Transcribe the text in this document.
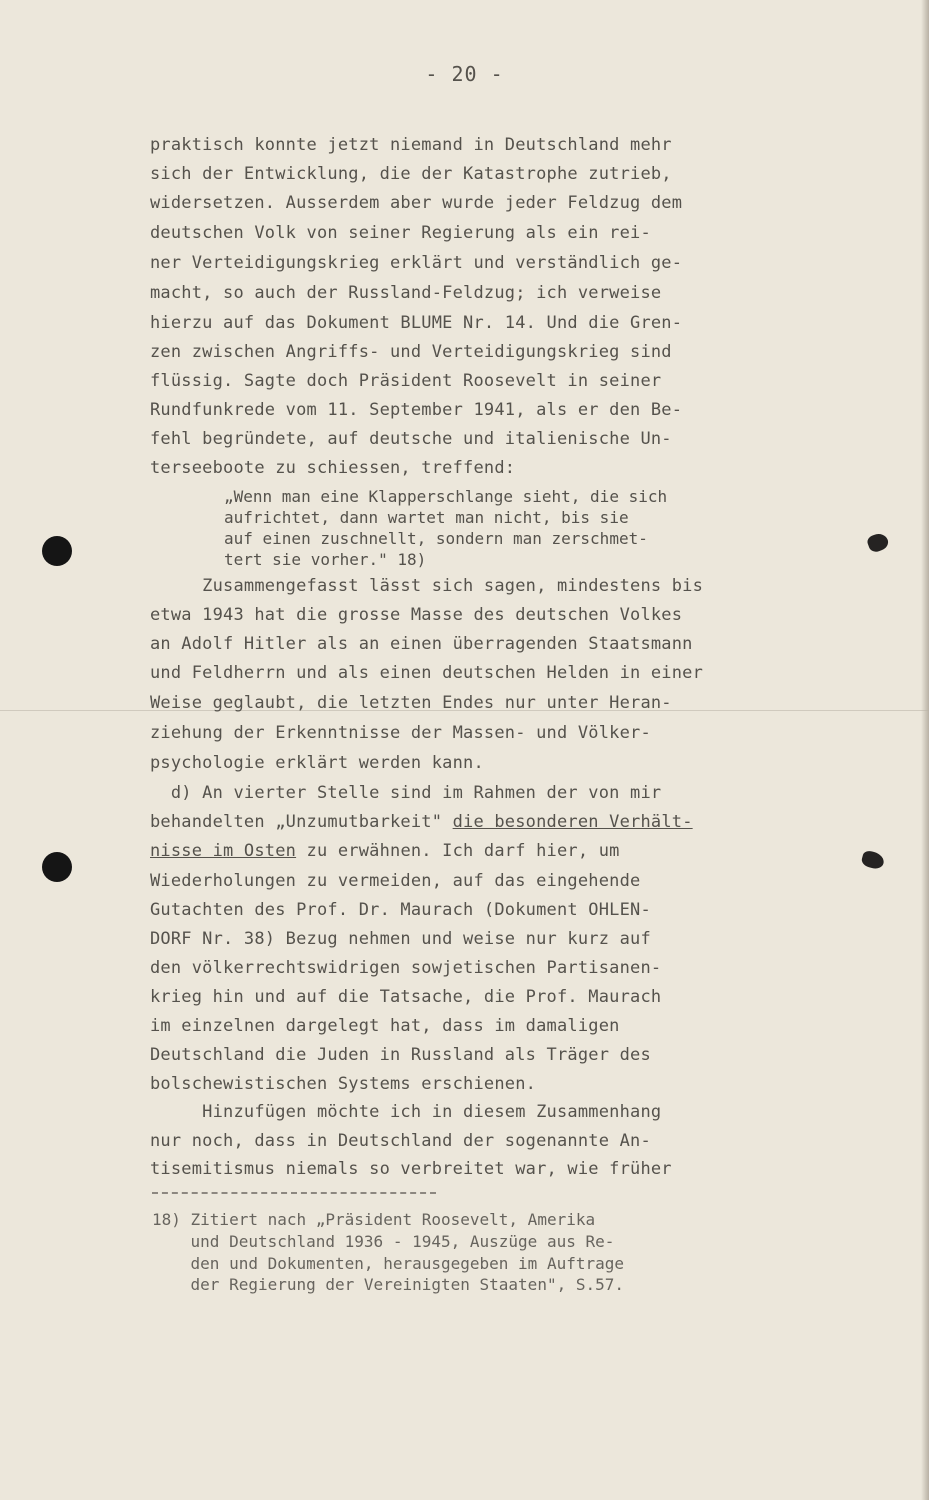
- 20 -
praktisch konnte jetzt niemand in Deutschland mehr
sich der Entwicklung, die der Katastrophe zutrieb,
widersetzen. Ausserdem aber wurde jeder Feldzug dem
deutschen Volk von seiner Regierung als ein rei-
ner Verteidigungskrieg erklärt und verständlich ge-
macht, so auch der Russland-Feldzug; ich verweise
hierzu auf das Dokument BLUME Nr. 14. Und die Gren-
zen zwischen Angriffs- und Verteidigungskrieg sind
flüssig. Sagte doch Präsident Roosevelt in seiner
Rundfunkrede vom 11. September 1941, als er den Be-
fehl begründete, auf deutsche und italienische Un-
terseeboote zu schiessen, treffend:
„Wenn man eine Klapperschlange sieht, die sich
aufrichtet, dann wartet man nicht, bis sie
auf einen zuschnellt, sondern man zerschmet-
tert sie vorher." 18)
Zusammengefasst lässt sich sagen, mindestens bis
etwa 1943 hat die grosse Masse des deutschen Volkes
an Adolf Hitler als an einen überragenden Staatsmann
und Feldherrn und als einen deutschen Helden in einer
Weise geglaubt, die letzten Endes nur unter Heran-
ziehung der Erkenntnisse der Massen- und Völker-
psychologie erklärt werden kann.
d) An vierter Stelle sind im Rahmen der von mir
behandelten „Unzumutbarkeit" die besonderen Verhält-
nisse im Osten zu erwähnen. Ich darf hier, um
Wiederholungen zu vermeiden, auf das eingehende
Gutachten des Prof. Dr. Maurach (Dokument OHLEN-
DORF Nr. 38) Bezug nehmen und weise nur kurz auf
den völkerrechtswidrigen sowjetischen Partisanen-
krieg hin und auf die Tatsache, die Prof. Maurach
im einzelnen dargelegt hat, dass im damaligen
Deutschland die Juden in Russland als Träger des
bolschewistischen Systems erschienen.
Hinzufügen möchte ich in diesem Zusammenhang
nur noch, dass in Deutschland der sogenannte An-
tisemitismus niemals so verbreitet war, wie früher
18) Zitiert nach „Präsident Roosevelt, Amerika
und Deutschland 1936 - 1945, Auszüge aus Re-
den und Dokumenten, herausgegeben im Auftrage
der Regierung der Vereinigten Staaten", S.57.
